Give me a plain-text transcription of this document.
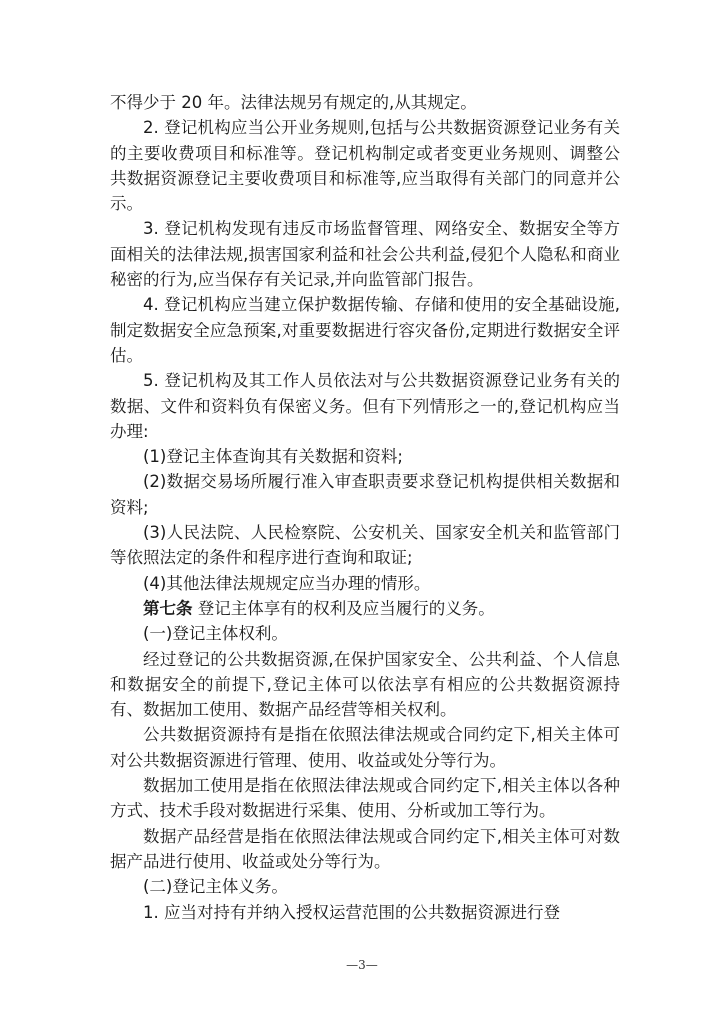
不得少于 20 年。法律法规另有规定的,从其规定。

2. 登记机构应当公开业务规则,包括与公共数据资源登记业务有关的主要收费项目和标准等。登记机构制定或者变更业务规则、调整公共数据资源登记主要收费项目和标准等,应当取得有关部门的同意并公示。

3. 登记机构发现有违反市场监督管理、网络安全、数据安全等方面相关的法律法规,损害国家利益和社会公共利益,侵犯个人隐私和商业秘密的行为,应当保存有关记录,并向监管部门报告。

4. 登记机构应当建立保护数据传输、存储和使用的安全基础设施,制定数据安全应急预案,对重要数据进行容灾备份,定期进行数据安全评估。

5. 登记机构及其工作人员依法对与公共数据资源登记业务有关的数据、文件和资料负有保密义务。但有下列情形之一的,登记机构应当办理:

(1)登记主体查询其有关数据和资料;

(2)数据交易场所履行准入审查职责要求登记机构提供相关数据和资料;

(3)人民法院、人民检察院、公安机关、国家安全机关和监管部门等依照法定的条件和程序进行查询和取证;

(4)其他法律法规规定应当办理的情形。

第七条 登记主体享有的权利及应当履行的义务。

(一)登记主体权利。

经过登记的公共数据资源,在保护国家安全、公共利益、个人信息和数据安全的前提下,登记主体可以依法享有相应的公共数据资源持有、数据加工使用、数据产品经营等相关权利。

公共数据资源持有是指在依照法律法规或合同约定下,相关主体可对公共数据资源进行管理、使用、收益或处分等行为。

数据加工使用是指在依照法律法规或合同约定下,相关主体以各种方式、技术手段对数据进行采集、使用、分析或加工等行为。

数据产品经营是指在依照法律法规或合同约定下,相关主体可对数据产品进行使用、收益或处分等行为。

(二)登记主体义务。

1. 应当对持有并纳入授权运营范围的公共数据资源进行登

—3—
